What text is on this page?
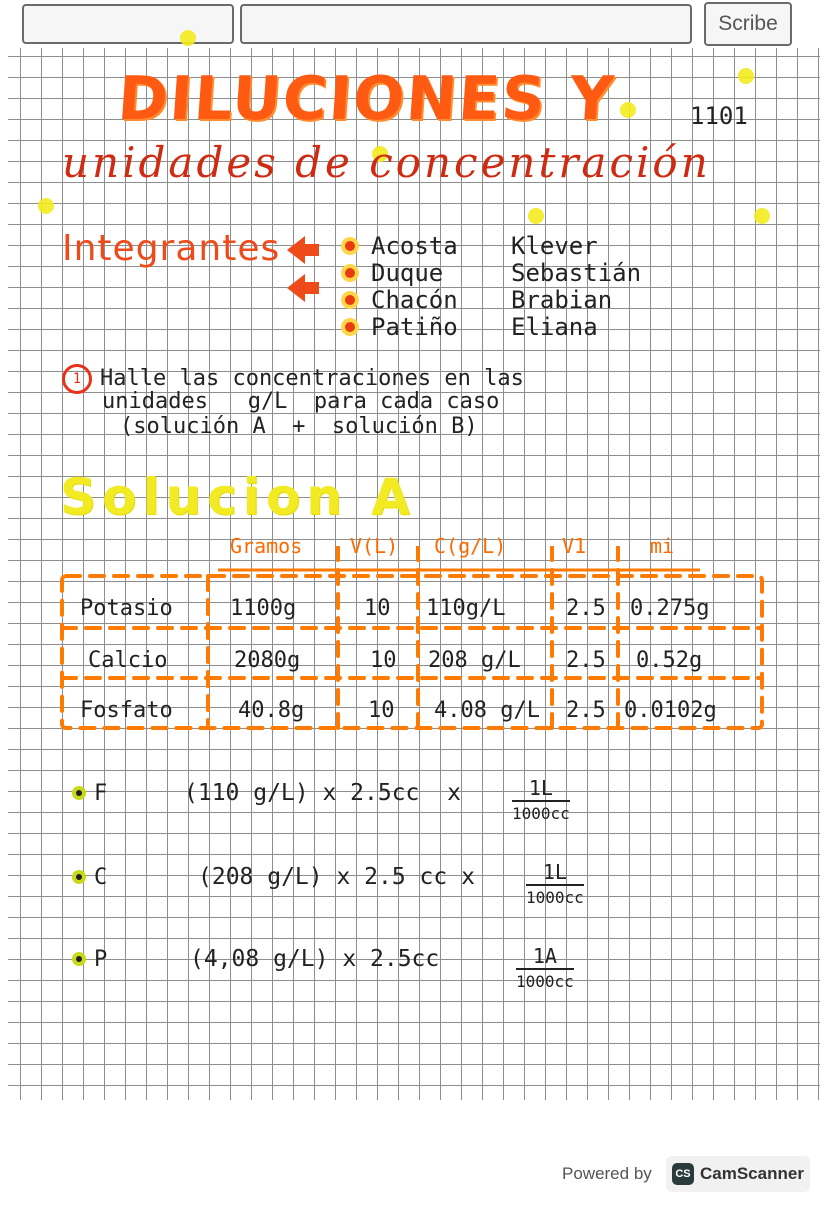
Scribe
DILUCIONES Y	1101
unidades de concentración
Integrantes	Acosta	Klever
Duque	Sebastián
Chacón	Brabian
Patiño	Eliana
1 Halle las concentraciones en las
unidades   g/L  para cada caso
(solución A  +  solución B)
Solucion A
Gramos V(L) C(g/L)	V1	mi
Potasio	1100g	10 110g/L	2.5 0.275g
Calcio	2080g	10 208 g/L 2.5 0.52g
Fosfato	40.8g	10 4.08 g/L 2.5 0.0102g
F	(110 g/L) x 2.5cc  x	1L
1000cc
C	(208 g/L) x 2.5 cc x	1L
1000cc
P	(4,08 g/L) x 2.5cc	1A
1000cc
Powered by	CS CamScanner
